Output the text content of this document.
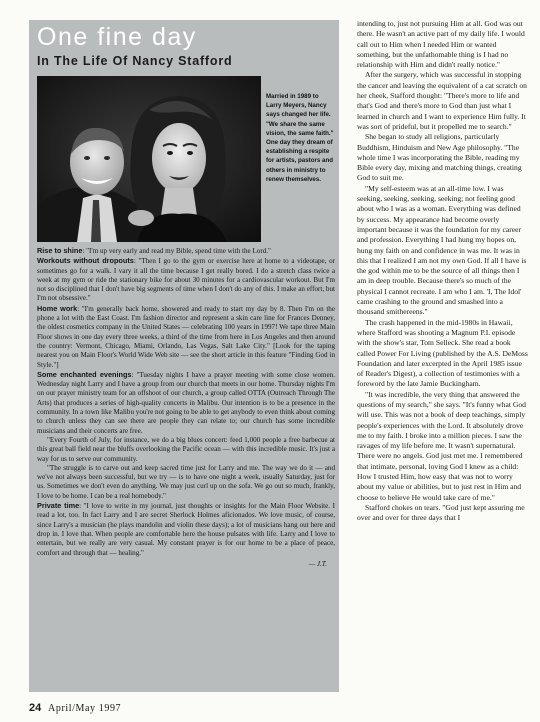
One fine day
In The Life Of Nancy Stafford

Married in 1989 to Larry Meyers, Nancy says changed her life. "We share the same vision, the same faith." One day they dream of establishing a respite for artists, pastors and others in ministry to renew themselves.

Rise to shine: "I'm up very early and read my Bible, spend time with the Lord."

Workouts without dropouts: "Then I go to the gym or exercise here at home to a videotape, or sometimes go for a walk. I vary it all the time because I get really bored. I do a stretch class twice a week at my gym or ride the stationary bike for about 30 minutes for a cardiovascular workout. But I'm not so disciplined that I don't have big segments of time when I don't do any of this. I make an effort, but I'm not obsessive."

Home work: "I'm generally back home, showered and ready to start my day by 8. Then I'm on the phone a lot with the East Coast. I'm fashion director and represent a skin care line for Frances Denney, the oldest cosmetics company in the United States — celebrating 100 years in 1997! We tape three Main Floor shows in one day every three weeks, a third of the time from here in Los Angeles and then around the country: Vermont, Chicago, Miami, Orlando, Las Vegas, Salt Lake City." [Look for the taping nearest you on Main Floor's World Wide Web site — see the short article in this feature "Finding God in Style."]

Some enchanted evenings: "Tuesday nights I have a prayer meeting with some close women. Wednesday night Larry and I have a group from our church that meets in our home. Thursday nights I'm on our prayer ministry team for an offshoot of our church, a group called OTTA (Outreach Through The Arts) that produces a series of high-quality concerts in Malibu. Our intention is to be a presence in the community. In a town like Malibu you're not going to be able to get anybody to even think about coming to church unless they can see there are people they can relate to; our church has some incredible musicians and their concerts are free.

"Every Fourth of July, for instance, we do a big blues concert: feed 1,000 people a free barbecue at this great ball field near the bluffs overlooking the Pacific ocean — with this incredible music. It's just a way for us to serve our community.

"The struggle is to carve out and keep sacred time just for Larry and me. The way we do it — and we've not always been successful, but we try — is to have one night a week, usually Saturday, just for us. Sometimes we don't even do anything. We may just curl up on the sofa. We go out so much, frankly, I love to be home. I can be a real homebody."

Private time: "I love to write in my journal, just thoughts or insights for the Main Floor Website. I read a lot, too. In fact Larry and I are secret Sherlock Holmes aficionados. We love music, of course, since Larry's a musician (he plays mandolin and violin these days); a lot of musicians hang out here and drop in. I love that. When people are comfortable here the house pulsates with life. Larry and I love to entertain, but we really are very casual. My constant prayer is for our home to be a place of peace, comfort and through that — healing."

— J.T.

intending to, just not pursuing Him at all. God was out there. He wasn't an active part of my daily life. I would call out to Him when I needed Him or wanted something, but the unfathomable thing is I had no relationship with Him and didn't really notice."

After the surgery, which was successful in stopping the cancer and leaving the equivalent of a cat scratch on her cheek, Stafford thought: "There's more to life and that's God and there's more to God than just what I learned in church and I want to experience Him fully. It was sort of prideful, but it propelled me to search."

She began to study all religions, particularly Buddhism, Hinduism and New Age philosophy. "The whole time I was incorporating the Bible, reading my Bible every day, mixing and matching things, creating God to suit me.

"My self-esteem was at an all-time low. I was seeking, seeking, seeking, seeking; not feeling good about who I was as a woman. Everything was defined by success. My appearance had become overly important because it was the foundation for my career and profession. Everything I had hung my hopes on, hung my faith on and confidence in was me. It was in this that I realized I am not my own God. If all I have is the god within me to be the source of all things then I am in deep trouble. Because there's so much of the physical I cannot recreate. I am who I am. 'I, The Idol' came crashing to the ground and smashed into a thousand smithereens."

The crash happened in the mid-1980s in Hawaii, where Stafford was shooting a Magnum P.I. episode with the show's star, Tom Selleck. She read a book called Power For Living (published by the A.S. DeMoss Foundation and later excerpted in the April 1985 issue of Reader's Digest), a collection of testimonies with a foreword by the late Jamie Buckingham.

"It was incredible, the very thing that answered the questions of my search," she says. "It's funny what God will use. This was not a book of deep teachings, simply people's experiences with the Lord. It absolutely drove me to my faith. I broke into a million pieces. I saw the ravages of my life before me. It wasn't supernatural. There were no angels. God just met me. I remembered that intimate, personal, loving God I knew as a child: How I trusted Him, how easy that was not to worry about my value or abilities, but to just rest in Him and choose to believe He would take care of me."

Stafford chokes on tears. "God just kept assuring me over and over for three days that I

24 April/May 1997
